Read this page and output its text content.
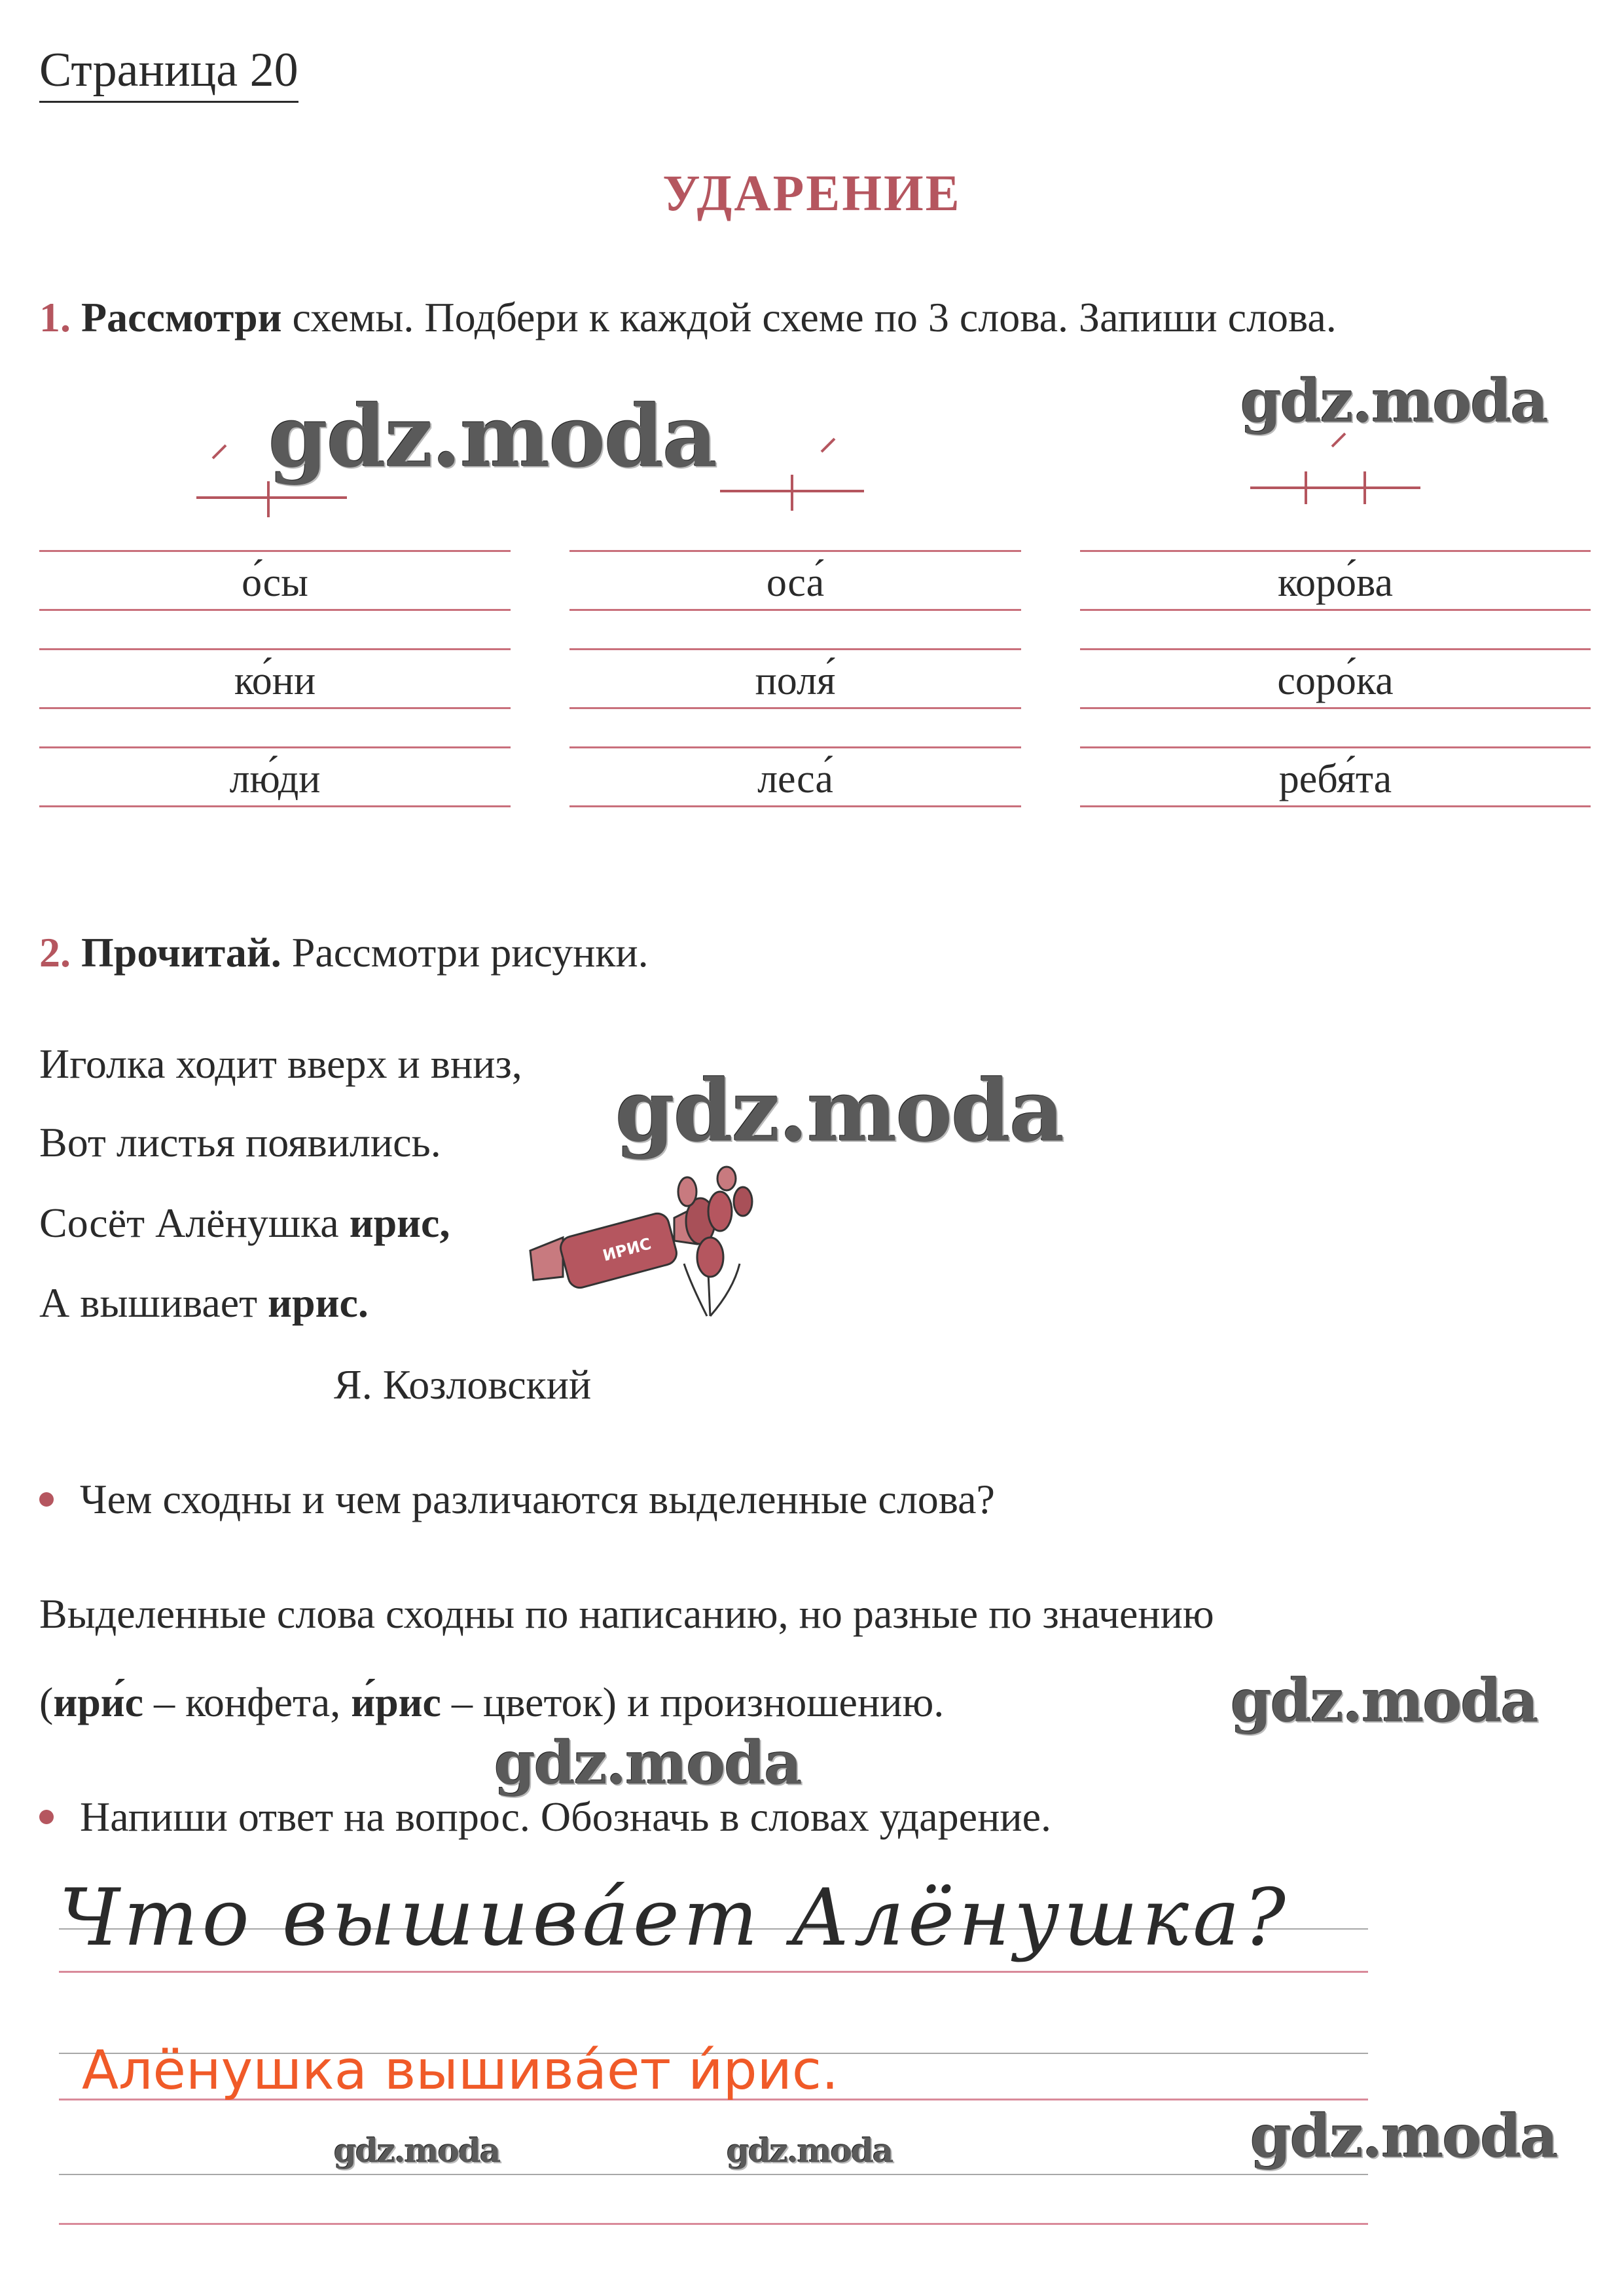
Страница 20
УДАРЕНИЕ
1. Рассмотри схемы. Подбери к каждой схеме по 3 слова. Запиши слова.
о́сы
ко́ни
лю́ди
оса́
поля́
леса́
коро́ва
соро́ка
ребя́та
2. Прочитай. Рассмотри рисунки.
Иголка ходит вверх и вниз,
Вот листья появились.
Сосёт Алёнушка ирис,
А вышивает ирис.
Я. Козловский
ИРИС
Чем сходны и чем различаются выделенные слова?
Выделенные слова сходны по написанию, но разные по значению
(ири́с – конфета, и́рис – цветок) и произношению.
Напиши ответ на вопрос. Обозначь в словах ударение.
Что вышива́ет Алёнушка?
Алёнушка вышива́ет и́рис.
gdz.moda	gdz.moda
gdz.moda
gdz.moda
gdz.moda
gdz.moda
gdz.moda	gdz.moda
